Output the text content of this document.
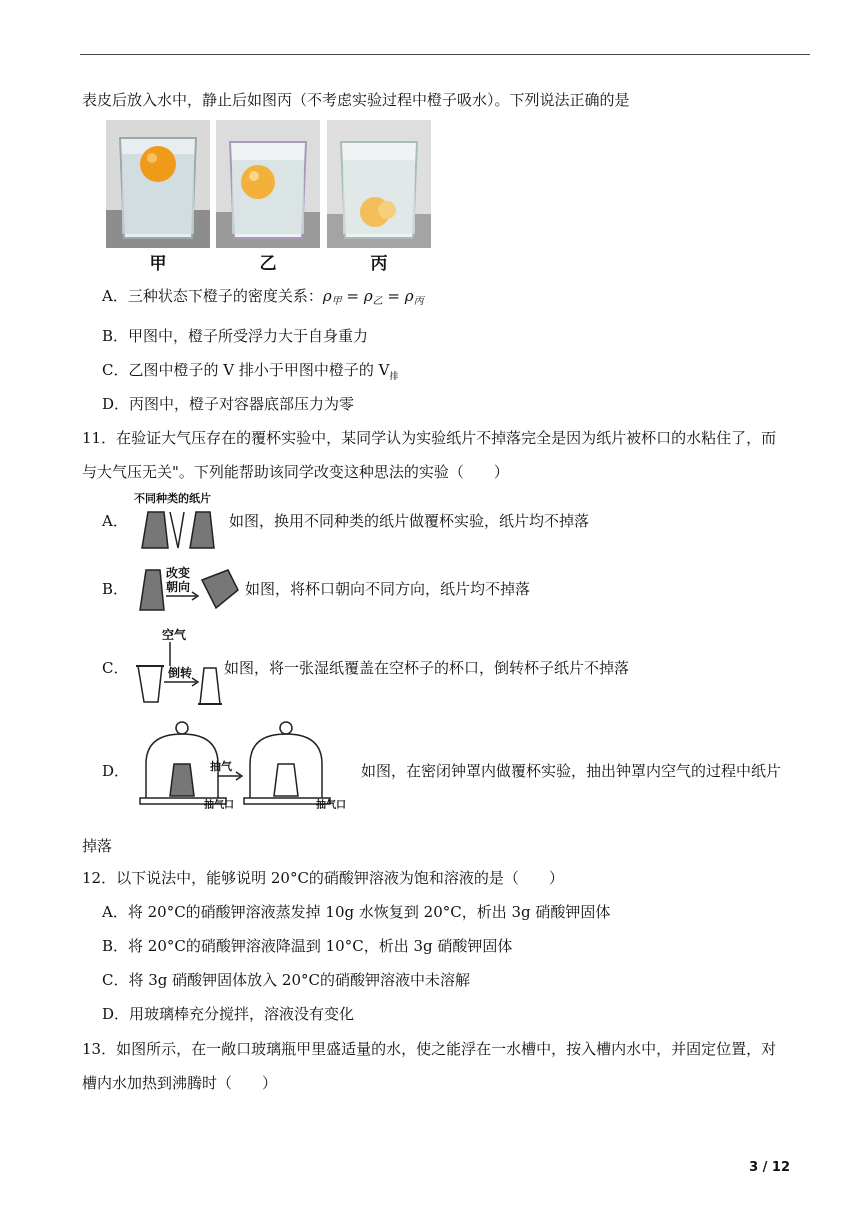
表皮后放入水中，静止后如图丙（不考虑实验过程中橙子吸水）。下列说法正确的是
甲	乙	丙
A．三种状态下橙子的密度关系：$\rho_甲 = \rho_乙 = \rho_丙$
B．甲图中，橙子所受浮力大于自身重力
C．乙图中橙子的 V 排小于甲图中橙子的 $V_排$
D．丙图中，橙子对容器底部压力为零
11．在验证大气压存在的覆杯实验中，某同学认为实验纸片不掉落完全是因为纸片被杯口的水粘住了，而
与大气压无关"。下列能帮助该同学改变这种思法的实验（　　）
A．
不同种类的纸片
如图，换用不同种类的纸片做覆杯实验，纸片均不掉落
B．
改变
朝向	如图，将杯口朝向不同方向，纸片均不掉落
C．
空气
倒转 如图，将一张湿纸覆盖在空杯子的杯口，倒转杯子纸片不掉落
D．	抽气
抽气口	抽气口
如图，在密闭钟罩内做覆杯实验，抽出钟罩内空气的过程中纸片
掉落
12．以下说法中，能够说明 20°C的硝酸钾溶液为饱和溶液的是（　　）
A．将 20°C的硝酸钾溶液蒸发掉 10g 水恢复到 20°C，析出 3g 硝酸钾固体
B．将 20°C的硝酸钾溶液降温到 10°C，析出 3g 硝酸钾固体
C．将 3g 硝酸钾固体放入 20°C的硝酸钾溶液中未溶解
D．用玻璃棒充分搅拌，溶液没有变化
13．如图所示，在一敞口玻璃瓶甲里盛适量的水，使之能浮在一水槽中，按入槽内水中，并固定位置，对
槽内水加热到沸腾时（　　）
3 / 12
